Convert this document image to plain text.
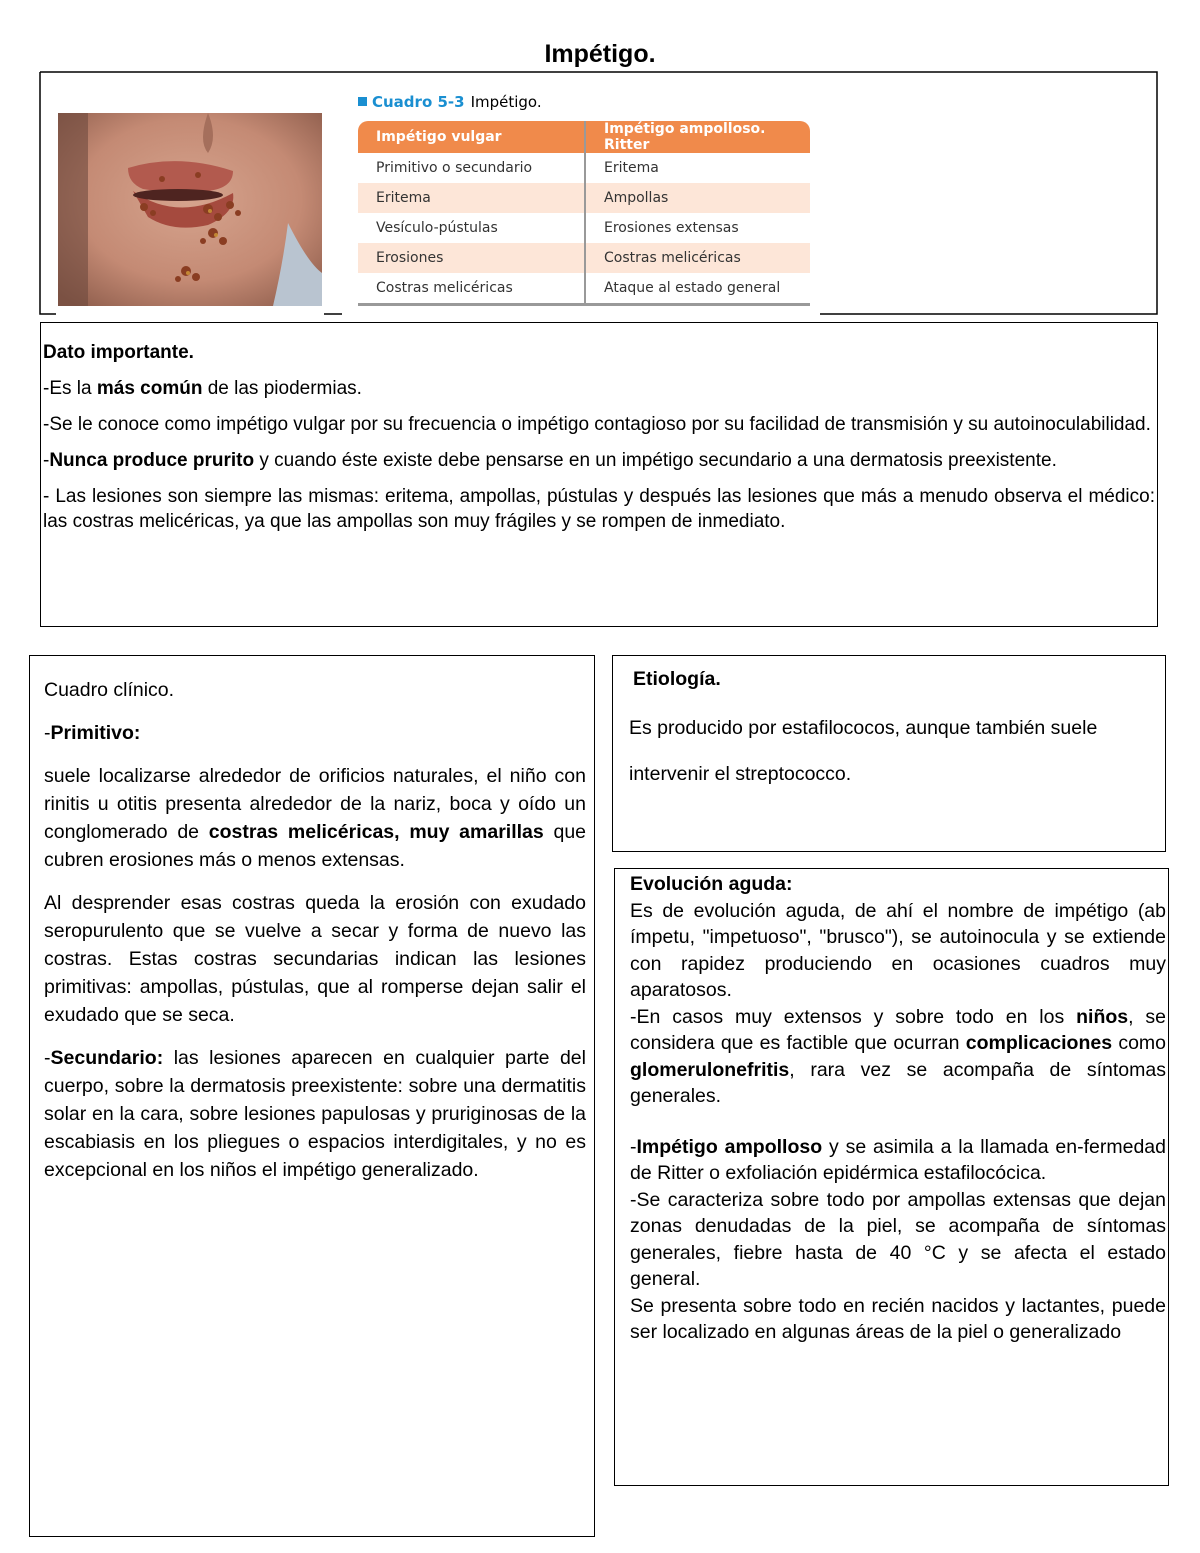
Impétigo.
Cuadro 5-3 Impétigo.
Impétigo vulgar	Impétigo ampolloso. Ritter
Primitivo o secundario	Eritema
Eritema	Ampollas
Vesículo-pústulas	Erosiones extensas
Erosiones	Costras melicéricas
Costras melicéricas	Ataque al estado general

Dato importante.

-Es la más común de las piodermias.

-Se le conoce como impétigo vulgar por su frecuencia o impétigo contagioso por su facilidad de transmisión y su autoinoculabilidad.

-Nunca produce prurito y cuando éste existe debe pensarse en un impétigo secundario a una dermatosis preexistente.

- Las lesiones son siempre las mismas: eritema, ampollas, pústulas y después las lesiones que más a menudo observa el médico: las costras melicéricas, ya que las ampollas son muy frágiles y se rompen de inmediato.

Cuadro clínico.

-Primitivo:

suele localizarse alrededor de orificios naturales, el niño con rinitis u otitis presenta alrededor de la nariz, boca y oído un conglomerado de costras melicéricas, muy amarillas que cubren erosiones más o menos extensas.

Al desprender esas costras queda la erosión con exudado seropurulento que se vuelve a secar y forma de nuevo las costras. Estas costras secundarias indican las lesiones primitivas: ampollas, pústulas, que al romperse dejan salir el exudado que se seca.

-Secundario: las lesiones aparecen en cualquier parte del cuerpo, sobre la dermatosis preexistente: sobre una dermatitis solar en la cara, sobre lesiones papulosas y pruriginosas de la escabiasis en los pliegues o espacios interdigitales, y no es excepcional en los niños el impétigo generalizado.

Etiología.

Es producido por estafilococos, aunque también suele intervenir el streptococco.

Evolución aguda:

Es de evolución aguda, de ahí el nombre de impétigo (ab ímpetu, "impetuoso", "brusco"), se autoinocula y se extiende con rapidez produciendo en ocasiones cuadros muy aparatosos.

-En casos muy extensos y sobre todo en los niños, se considera que es factible que ocurran complicaciones como glomerulonefritis, rara vez se acompaña de síntomas generales.

-Impétigo ampolloso y se asimila a la llamada en-fermedad de Ritter o exfoliación epidérmica estafilocócica.

-Se caracteriza sobre todo por ampollas extensas que dejan zonas denudadas de la piel, se acompaña de síntomas generales, fiebre hasta de 40 °C y se afecta el estado general.

Se presenta sobre todo en recién nacidos y lactantes, puede ser localizado en algunas áreas de la piel o generalizado
